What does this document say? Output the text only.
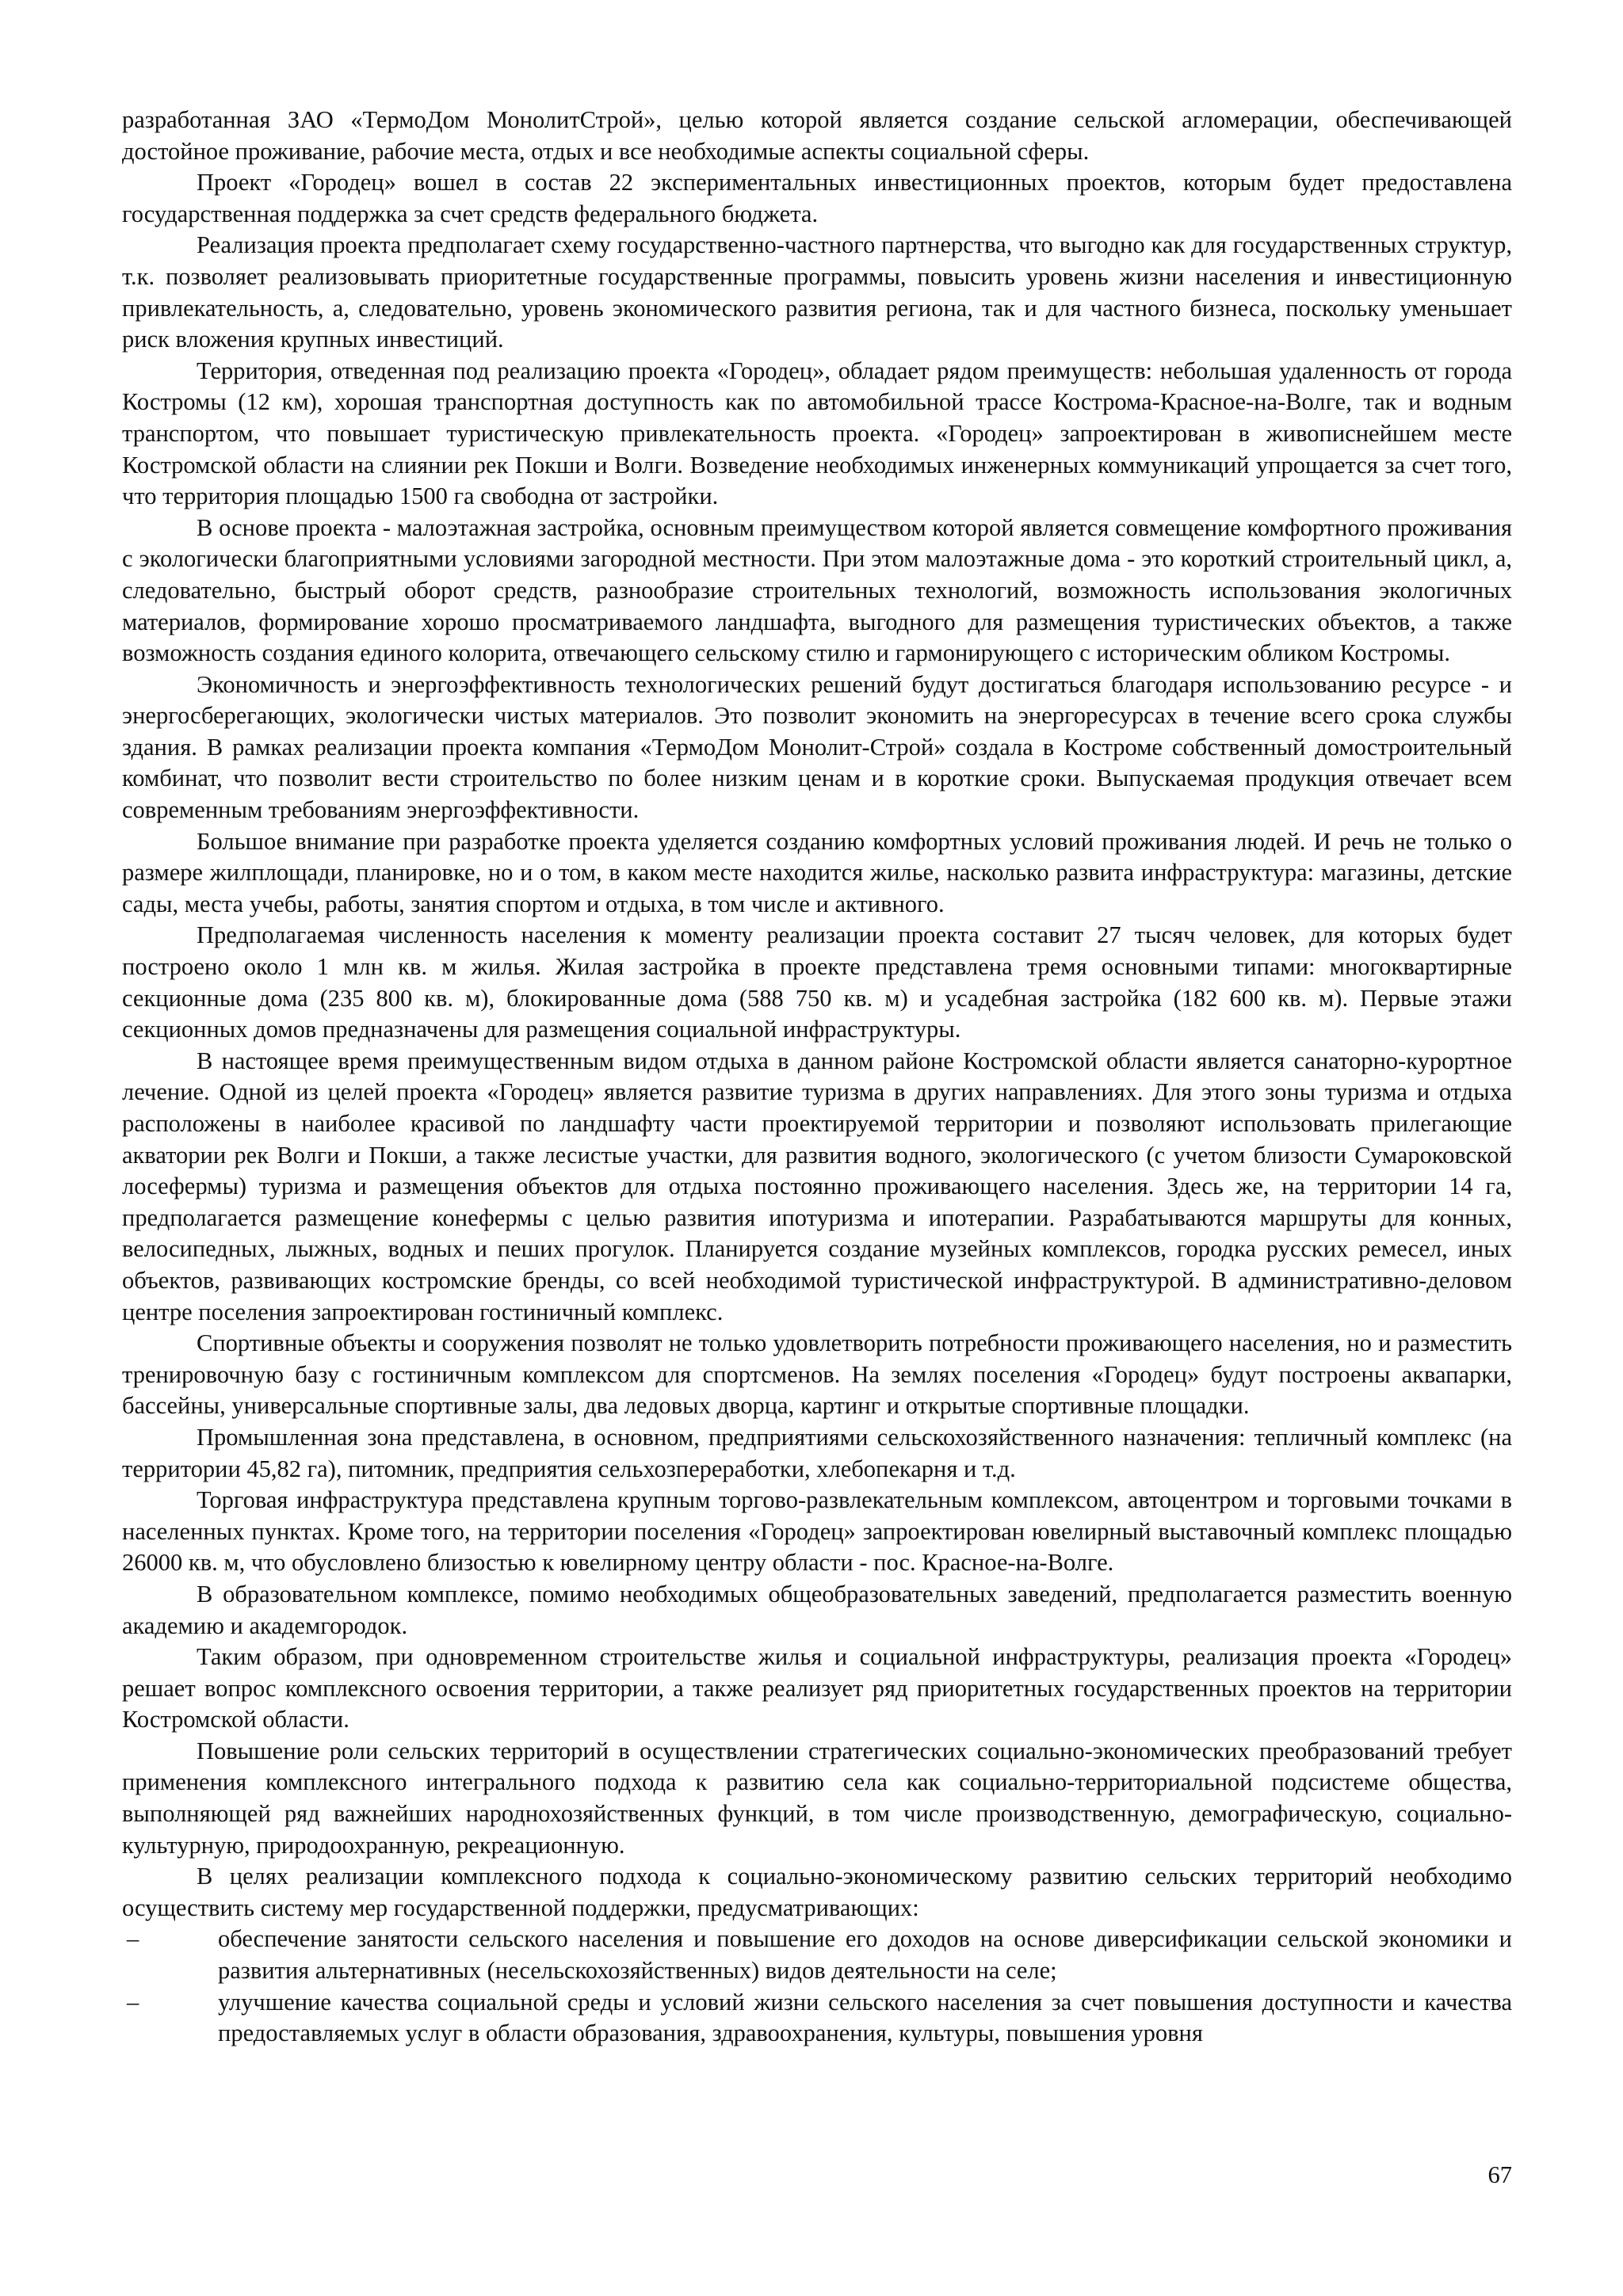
разработанная ЗАО «ТермоДом МонолитСтрой», целью которой является создание сельской агломерации, обеспечивающей достойное проживание, рабочие места, отдых и все необходимые аспекты социальной сферы.

Проект «Городец» вошел в состав 22 экспериментальных инвестиционных проектов, которым будет предоставлена государственная поддержка за счет средств федерального бюджета.

Реализация проекта предполагает схему государственно-частного партнерства, что выгодно как для государственных структур, т.к. позволяет реализовывать приоритетные государственные программы, повысить уровень жизни населения и инвестиционную привлекательность, а, следовательно, уровень экономического развития региона, так и для частного бизнеса, поскольку уменьшает риск вложения крупных инвестиций.

Территория, отведенная под реализацию проекта «Городец», обладает рядом преимуществ: небольшая удаленность от города Костромы (12 км), хорошая транспортная доступность как по автомобильной трассе Кострома-Красное-на-Волге, так и водным транспортом, что повышает туристическую привлекательность проекта. «Городец» запроектирован в живописнейшем месте Костромской области на слиянии рек Покши и Волги. Возведение необходимых инженерных коммуникаций упрощается за счет того, что территория площадью 1500 га свободна от застройки.

В основе проекта - малоэтажная застройка, основным преимуществом которой является совмещение комфортного проживания с экологически благоприятными условиями загородной местности. При этом малоэтажные дома - это короткий строительный цикл, а, следовательно, быстрый оборот средств, разнообразие строительных технологий, возможность использования экологичных материалов, формирование хорошо просматриваемого ландшафта, выгодного для размещения туристических объектов, а также возможность создания единого колорита, отвечающего сельскому стилю и гармонирующего с историческим обликом Костромы.

Экономичность и энергоэффективность технологических решений будут достигаться благодаря использованию ресурсе - и энергосберегающих, экологически чистых материалов. Это позволит экономить на энергоресурсах в течение всего срока службы здания. В рамках реализации проекта компания «ТермоДом Монолит-Строй» создала в Костроме собственный домостроительный комбинат, что позволит вести строительство по более низким ценам и в короткие сроки. Выпускаемая продукция отвечает всем современным требованиям энергоэффективности.

Большое внимание при разработке проекта уделяется созданию комфортных условий проживания людей. И речь не только о размере жилплощади, планировке, но и о том, в каком месте находится жилье, насколько развита инфраструктура: магазины, детские сады, места учебы, работы, занятия спортом и отдыха, в том числе и активного.

Предполагаемая численность населения к моменту реализации проекта составит 27 тысяч человек, для которых будет построено около 1 млн кв. м жилья. Жилая застройка в проекте представлена тремя основными типами: многоквартирные секционные дома (235 800 кв. м), блокированные дома (588 750 кв. м) и усадебная застройка (182 600 кв. м). Первые этажи секционных домов предназначены для размещения социальной инфраструктуры.

В настоящее время преимущественным видом отдыха в данном районе Костромской области является санаторно-курортное лечение. Одной из целей проекта «Городец» является развитие туризма в других направлениях. Для этого зоны туризма и отдыха расположены в наиболее красивой по ландшафту части проектируемой территории и позволяют использовать прилегающие акватории рек Волги и Покши, а также лесистые участки, для развития водного, экологического (с учетом близости Сумароковской лосефермы) туризма и размещения объектов для отдыха постоянно проживающего населения. Здесь же, на территории 14 га, предполагается размещение конефермы с целью развития ипотуризма и ипотерапии. Разрабатываются маршруты для конных, велосипедных, лыжных, водных и пеших прогулок. Планируется создание музейных комплексов, городка русских ремесел, иных объектов, развивающих костромские бренды, со всей необходимой туристической инфраструктурой. В административно-деловом центре поселения запроектирован гостиничный комплекс.

Спортивные объекты и сооружения позволят не только удовлетворить потребности проживающего населения, но и разместить тренировочную базу с гостиничным комплексом для спортсменов. На землях поселения «Городец» будут построены аквапарки, бассейны, универсальные спортивные залы, два ледовых дворца, картинг и открытые спортивные площадки.

Промышленная зона представлена, в основном, предприятиями сельскохозяйственного назначения: тепличный комплекс (на территории 45,82 га), питомник, предприятия сельхозпереработки, хлебопекарня и т.д.

Торговая инфраструктура представлена крупным торгово-развлекательным комплексом, автоцентром и торговыми точками в населенных пунктах. Кроме того, на территории поселения «Городец» запроектирован ювелирный выставочный комплекс площадью 26000 кв. м, что обусловлено близостью к ювелирному центру области - пос. Красное-на-Волге.

В образовательном комплексе, помимо необходимых общеобразовательных заведений, предполагается разместить военную академию и академгородок.

Таким образом, при одновременном строительстве жилья и социальной инфраструктуры, реализация проекта «Городец» решает вопрос комплексного освоения территории, а также реализует ряд приоритетных государственных проектов на территории Костромской области.

Повышение роли сельских территорий в осуществлении стратегических социально-экономических преобразований требует применения комплексного интегрального подхода к развитию села как социально-территориальной подсистеме общества, выполняющей ряд важнейших народнохозяйственных функций, в том числе производственную, демографическую, социально-культурную, природоохранную, рекреационную.

В целях реализации комплексного подхода к социально-экономическому развитию сельских территорий необходимо осуществить систему мер государственной поддержки, предусматривающих:

–	обеспечение занятости сельского населения и повышение его доходов на основе диверсификации сельской экономики и развития альтернативных (несельскохозяйственных) видов деятельности на селе;
–	улучшение качества социальной среды и условий жизни сельского населения за счет повышения доступности и качества предоставляемых услуг в области образования, здравоохранения, культуры, повышения уровня
67
